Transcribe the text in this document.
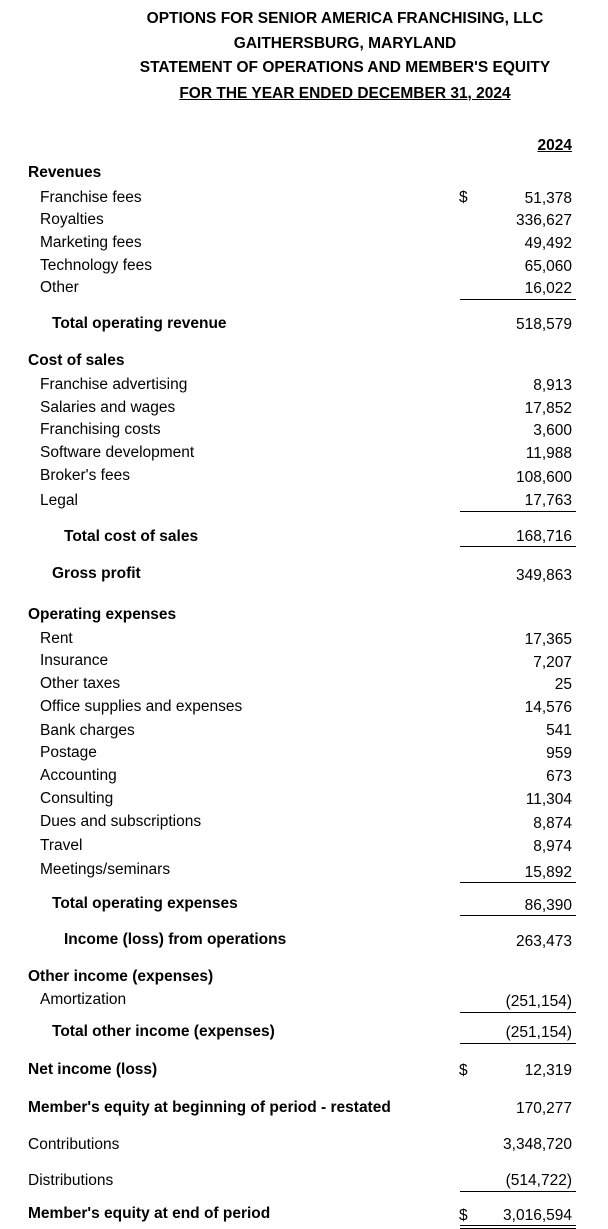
OPTIONS FOR SENIOR AMERICA FRANCHISING, LLC
GAITHERSBURG, MARYLAND
STATEMENT OF OPERATIONS AND MEMBER'S EQUITY
FOR THE YEAR ENDED DECEMBER 31, 2024
2024
Revenues
Franchise fees	$	51,378
Royalties	336,627
Marketing fees	49,492
Technology fees	65,060
Other	16,022
Total operating revenue	518,579
Cost of sales
Franchise advertising	8,913
Salaries and wages	17,852
Franchising costs	3,600
Software development	11,988
Broker's fees	108,600
Legal	17,763
Total cost of sales	168,716
Gross profit	349,863
Operating expenses
Rent	17,365
Insurance	7,207
Other taxes	25
Office supplies and expenses	14,576
Bank charges	541
Postage	959
Accounting	673
Consulting	11,304
Dues and subscriptions	8,874
Travel	8,974
Meetings/seminars	15,892
Total operating expenses	86,390
Income (loss) from operations	263,473
Other income (expenses)
Amortization	(251,154)
Total other income (expenses)	(251,154)
Net income (loss)	$	12,319
Member's equity at beginning of period - restated	170,277
Contributions	3,348,720
Distributions	(514,722)
Member's equity at end of period	$ 3,016,594
